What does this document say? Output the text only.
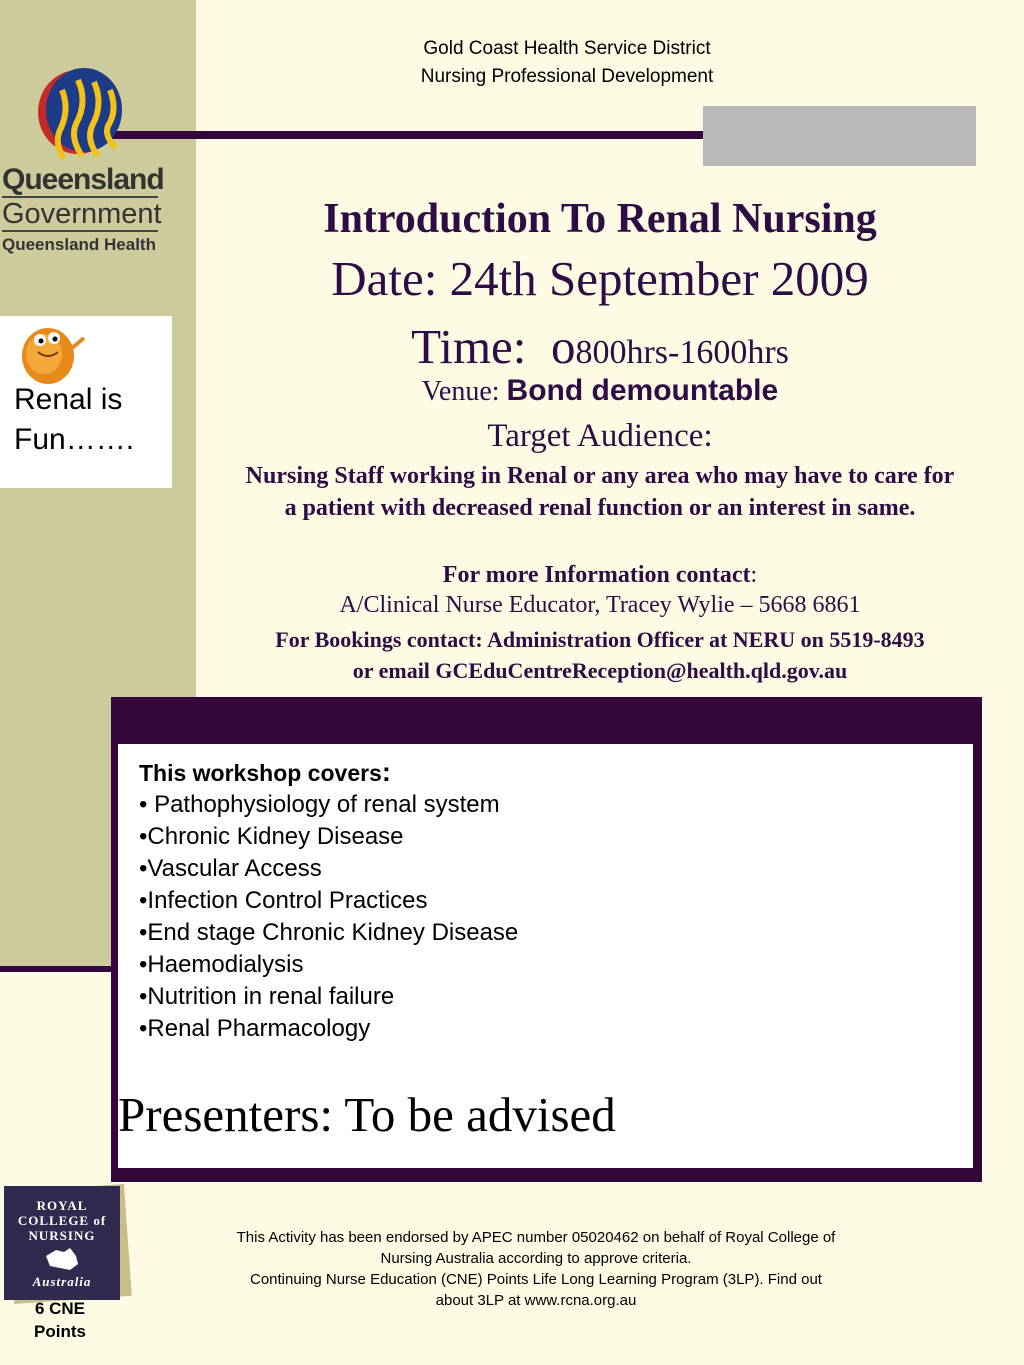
Gold Coast Health Service District
Nursing Professional Development
Queensland
Government
Queensland Health
Renal is
Fun…….
Introduction To Renal Nursing
Date: 24th September 2009
Time: o800hrs-1600hrs
Venue: Bond demountable
Target Audience:
Nursing Staff working in Renal or any area who may have to care for
a patient with decreased renal function or an interest in same.
For more Information contact:
A/Clinical Nurse Educator, Tracey Wylie – 5668 6861
For Bookings contact: Administration Officer at NERU on 5519-8493
or email GCEduCentreReception@health.qld.gov.au
This workshop covers:
• Pathophysiology of renal system
•Chronic Kidney Disease
•Vascular Access
•Infection Control Practices
•End stage Chronic Kidney Disease
•Haemodialysis
•Nutrition in renal failure
•Renal Pharmacology
Presenters: To be advised
ROYAL
COLLEGE of
NURSING
Australia
6 CNE
Points
This Activity has been endorsed by APEC number 05020462 on behalf of Royal College of
Nursing Australia according to approve criteria.
Continuing Nurse Education (CNE) Points Life Long Learning Program (3LP). Find out
about 3LP at www.rcna.org.au
